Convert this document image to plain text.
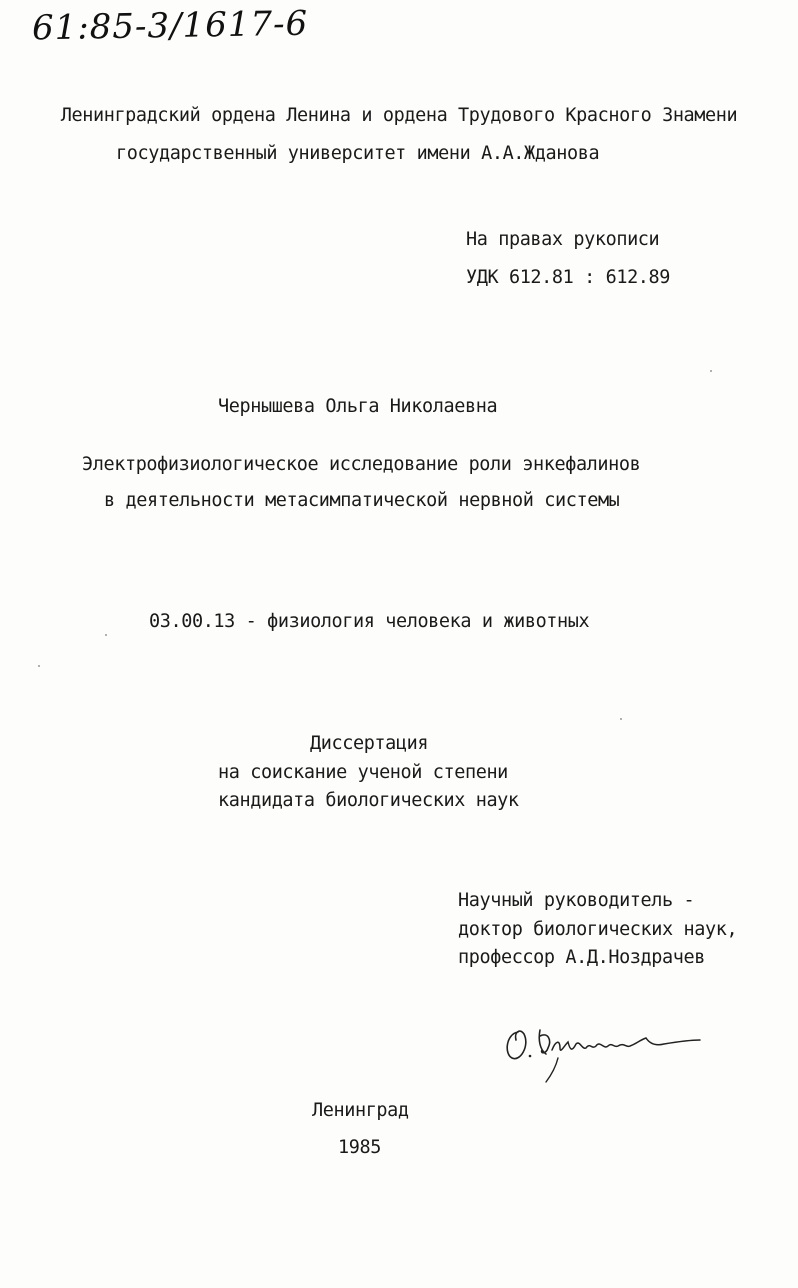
61:85-3/1617-6
Ленинградский ордена Ленина и ордена Трудового Красного Знамени
государственный университет имени А.А.Жданова
На правах рукописи
УДК 612.81 : 612.89
Чернышева Ольга Николаевна
Электрофизиологическое исследование роли энкефалинов
в деятельности метасимпатической нервной системы
03.00.13 - физиология человека и животных
Диссертация
на соискание ученой степени
кандидата биологических наук
Научный руководитель -
доктор биологических наук,
профессор А.Д.Ноздрачев
Ленинград
1985
